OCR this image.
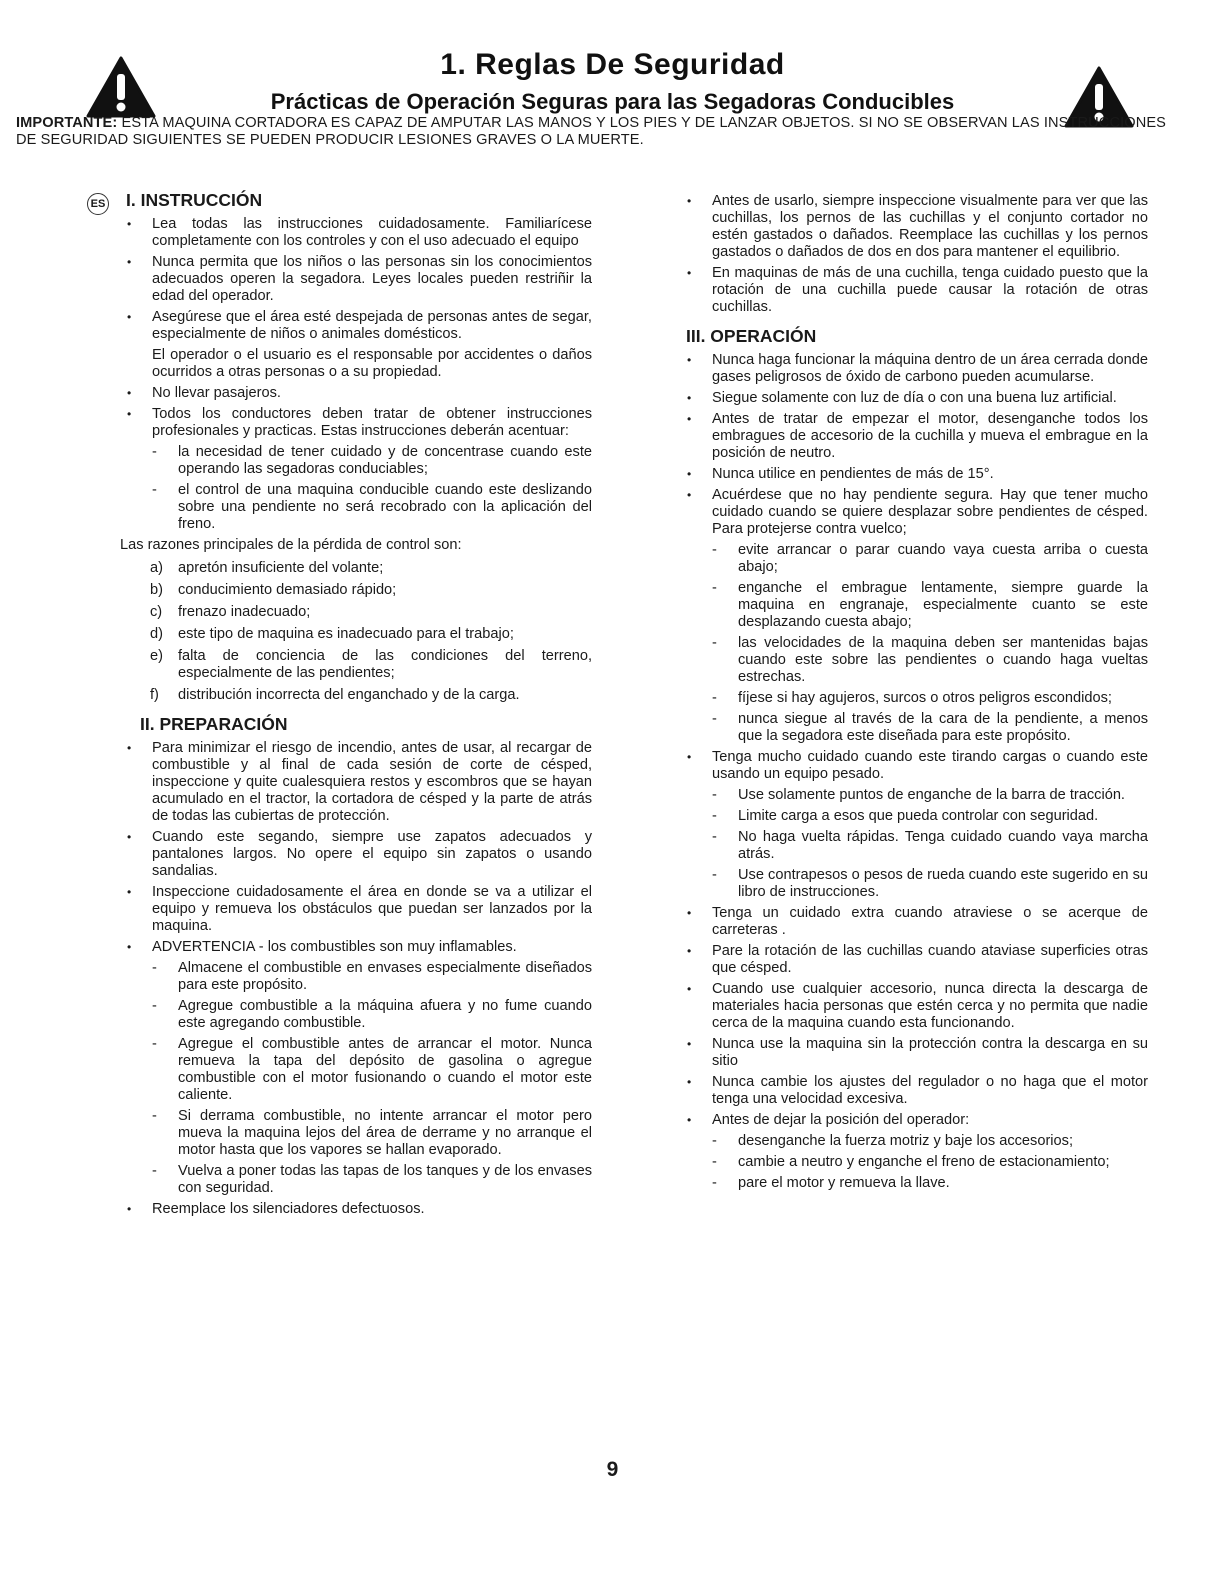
1. Reglas De Seguridad
Prácticas de Operación Seguras para las Segadoras Conducibles
IMPORTANTE: ESTA MAQUINA CORTADORA ES CAPAZ DE AMPUTAR LAS MANOS Y LOS PIES Y DE LANZAR OBJETOS. SI NO SE OBSERVAN LAS INSTRUCCIONES DE SEGURIDAD SIGUIENTES SE PUEDEN PRODUCIR LESIONES GRAVES O LA MUERTE.
ES I. INSTRUCCIÓN
• Lea todas las instrucciones cuidadosamente. Familiarícese completamente con los controles y con el uso adecuado el equipo
• Nunca permita que los niños o las personas sin los conocimientos adecuados operen la segadora. Leyes locales pueden restriñir la edad del operador.
• Asegúrese que el área esté despejada de personas antes de segar, especialmente de niños o animales domésticos.
El operador o el usuario es el responsable por accidentes o daños ocurridos a otras personas o a su propiedad.
• No llevar pasajeros.
• Todos los conductores deben tratar de obtener instrucciones profesionales y practicas. Estas instrucciones deberán acentuar:
- la necesidad de tener cuidado y de concentrase cuando este operando las segadoras conduciables;
- el control de una maquina conducible cuando este deslizando sobre una pendiente no será recobrado con la aplicación del freno.
Las razones principales de la pérdida de control son:
a) apretón insuficiente del volante;
b) conducimiento demasiado rápido;
c) frenazo inadecuado;
d) este tipo de maquina es inadecuado para el trabajo;
e) falta de conciencia de las condiciones del terreno, especialmente de las pendientes;
f) distribución incorrecta del enganchado y de la carga.
II. PREPARACIÓN
• Para minimizar el riesgo de incendio, antes de usar, al recargar de combustible y al final de cada sesión de corte de césped, inspeccione y quite cualesquiera restos y escombros que se hayan acumulado en el tractor, la cortadora de césped y la parte de atrás de todas las cubiertas de protección.
• Cuando este segando, siempre use zapatos adecuados y pantalones largos. No opere el equipo sin zapatos o usando sandalias.
• Inspeccione cuidadosamente el área en donde se va a utilizar el equipo y remueva los obstáculos que puedan ser lanzados por la maquina.
• ADVERTENCIA - los combustibles son muy inflamables.
- Almacene el combustible en envases especialmente diseñados para este propósito.
- Agregue combustible a la máquina afuera y no fume cuando este agregando combustible.
- Agregue el combustible antes de arrancar el motor. Nunca remueva la tapa del depósito de gasolina o agregue combustible con el motor fusionando o cuando el motor este caliente.
- Si derrama combustible, no intente arrancar el motor pero mueva la maquina lejos del área de derrame y no arranque el motor hasta que los vapores se hallan evaporado.
- Vuelva a poner todas las tapas de los tanques y de los envases con seguridad.
• Reemplace los silenciadores defectuosos.
• Antes de usarlo, siempre inspeccione visualmente para ver que las cuchillas, los pernos de las cuchillas y el conjunto cortador no estén gastados o dañados. Reemplace las cuchillas y los pernos gastados o dañados de dos en dos para mantener el equilibrio.
• En maquinas de más de una cuchilla, tenga cuidado puesto que la rotación de una cuchilla puede causar la rotación de otras cuchillas.
III. OPERACIÓN
• Nunca haga funcionar la máquina dentro de un área cerrada donde gases peligrosos de óxido de carbono pueden acumularse.
• Siegue solamente con luz de día o con una buena luz artificial.
• Antes de tratar de empezar el motor, desenganche todos los embragues de accesorio de la cuchilla y mueva el embrague en la posición de neutro.
• Nunca utilice en pendientes de más de 15°.
• Acuérdese que no hay pendiente segura. Hay que tener mucho cuidado cuando se quiere desplazar sobre pendientes de césped. Para protejerse contra vuelco;
- evite arrancar o parar cuando vaya cuesta arriba o cuesta abajo;
- enganche el embrague lentamente, siempre guarde la maquina en engranaje, especialmente cuanto se este desplazando cuesta abajo;
- las velocidades de la maquina deben ser mantenidas bajas cuando este sobre las pendientes o cuando haga vueltas estrechas.
- fíjese si hay agujeros, surcos o otros peligros escondidos;
- nunca siegue al través de la cara de la pendiente, a menos que la segadora este diseñada para este propósito.
• Tenga mucho cuidado cuando este tirando cargas o cuando este usando un equipo pesado.
- Use solamente puntos de enganche de la barra de tracción.
- Limite carga a esos que pueda controlar con seguridad.
- No haga vuelta rápidas. Tenga cuidado cuando vaya marcha atrás.
- Use contrapesos o pesos de rueda cuando este sugerido en su libro de instrucciones.
• Tenga un cuidado extra cuando atraviese o se acerque de carreteras .
• Pare la rotación de las cuchillas cuando ataviase superficies otras que césped.
• Cuando use cualquier accesorio, nunca directa la descarga de materiales hacia personas que estén cerca y no permita que nadie cerca de la maquina cuando esta funcionando.
• Nunca use la maquina sin la protección contra la descarga en su sitio
• Nunca cambie los ajustes del regulador o no haga que el motor tenga una velocidad excesiva.
• Antes de dejar la posición del operador:
- desenganche la fuerza motriz y baje los accesorios;
- cambie a neutro y enganche el freno de estacionamiento;
- pare el motor y remueva la llave.
9
